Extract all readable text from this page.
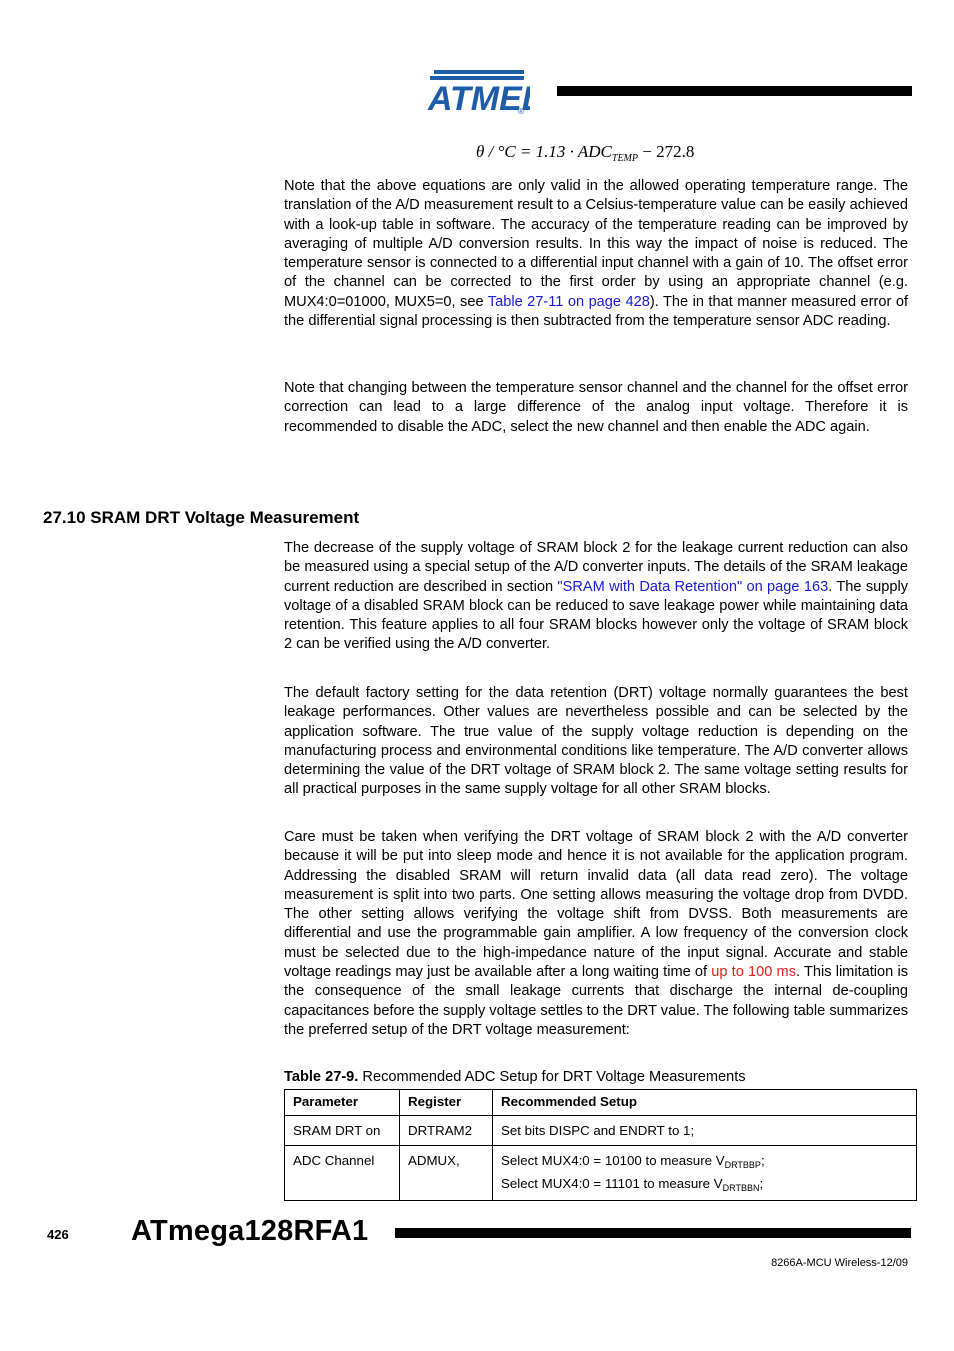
ATME
®
$\theta / ^\circ C = 1.13 \cdot ADC_{TEMP} - 272.8$

Note that the above equations are only valid in the allowed operating temperature range. The translation of the A/D measurement result to a Celsius-temperature value can be easily achieved with a look-up table in software. The accuracy of the temperature reading can be improved by averaging of multiple A/D conversion results. In this way the impact of noise is reduced. The temperature sensor is connected to a differential input channel with a gain of 10. The offset error of the channel can be corrected to the first order by using an appropriate channel (e.g. MUX4:0=01000, MUX5=0, see Table 27-11 on page 428). The in that manner measured error of the differential signal processing is then subtracted from the temperature sensor ADC reading.

Note that changing between the temperature sensor channel and the channel for the offset error correction can lead to a large difference of the analog input voltage. Therefore it is recommended to disable the ADC, select the new channel and then enable the ADC again.

27.10 SRAM DRT Voltage Measurement

The decrease of the supply voltage of SRAM block 2 for the leakage current reduction can also be measured using a special setup of the A/D converter inputs. The details of the SRAM leakage current reduction are described in section "SRAM with Data Retention" on page 163. The supply voltage of a disabled SRAM block can be reduced to save leakage power while maintaining data retention. This feature applies to all four SRAM blocks however only the voltage of SRAM block 2 can be verified using the A/D converter.

The default factory setting for the data retention (DRT) voltage normally guarantees the best leakage performances. Other values are nevertheless possible and can be selected by the application software. The true value of the supply voltage reduction is depending on the manufacturing process and environmental conditions like temperature. The A/D converter allows determining the value of the DRT voltage of SRAM block 2. The same voltage setting results for all practical purposes in the same supply voltage for all other SRAM blocks.

Care must be taken when verifying the DRT voltage of SRAM block 2 with the A/D converter because it will be put into sleep mode and hence it is not available for the application program. Addressing the disabled SRAM will return invalid data (all data read zero). The voltage measurement is split into two parts. One setting allows measuring the voltage drop from DVDD. The other setting allows verifying the voltage shift from DVSS. Both measurements are differential and use the programmable gain amplifier. A low frequency of the conversion clock must be selected due to the high-impedance nature of the input signal. Accurate and stable voltage readings may just be available after a long waiting time of up to 100 ms. This limitation is the consequence of the small leakage currents that discharge the internal de-coupling capacitances before the supply voltage settles to the DRT value. The following table summarizes the preferred setup of the DRT voltage measurement:

Table 27-9. Recommended ADC Setup for DRT Voltage Measurements
Parameter	Register	Recommended Setup
SRAM DRT on	DRTRAM2	Set bits DISPC and ENDRT to 1;
ADC Channel	ADMUX,	Select MUX4:0 = 10100 to measure $V_{DRTBBP}$;
Select MUX4:0 = 11101 to measure $V_{DRTBBN}$;
426 ATmega128RFA1
8266A-MCU Wireless-12/09
